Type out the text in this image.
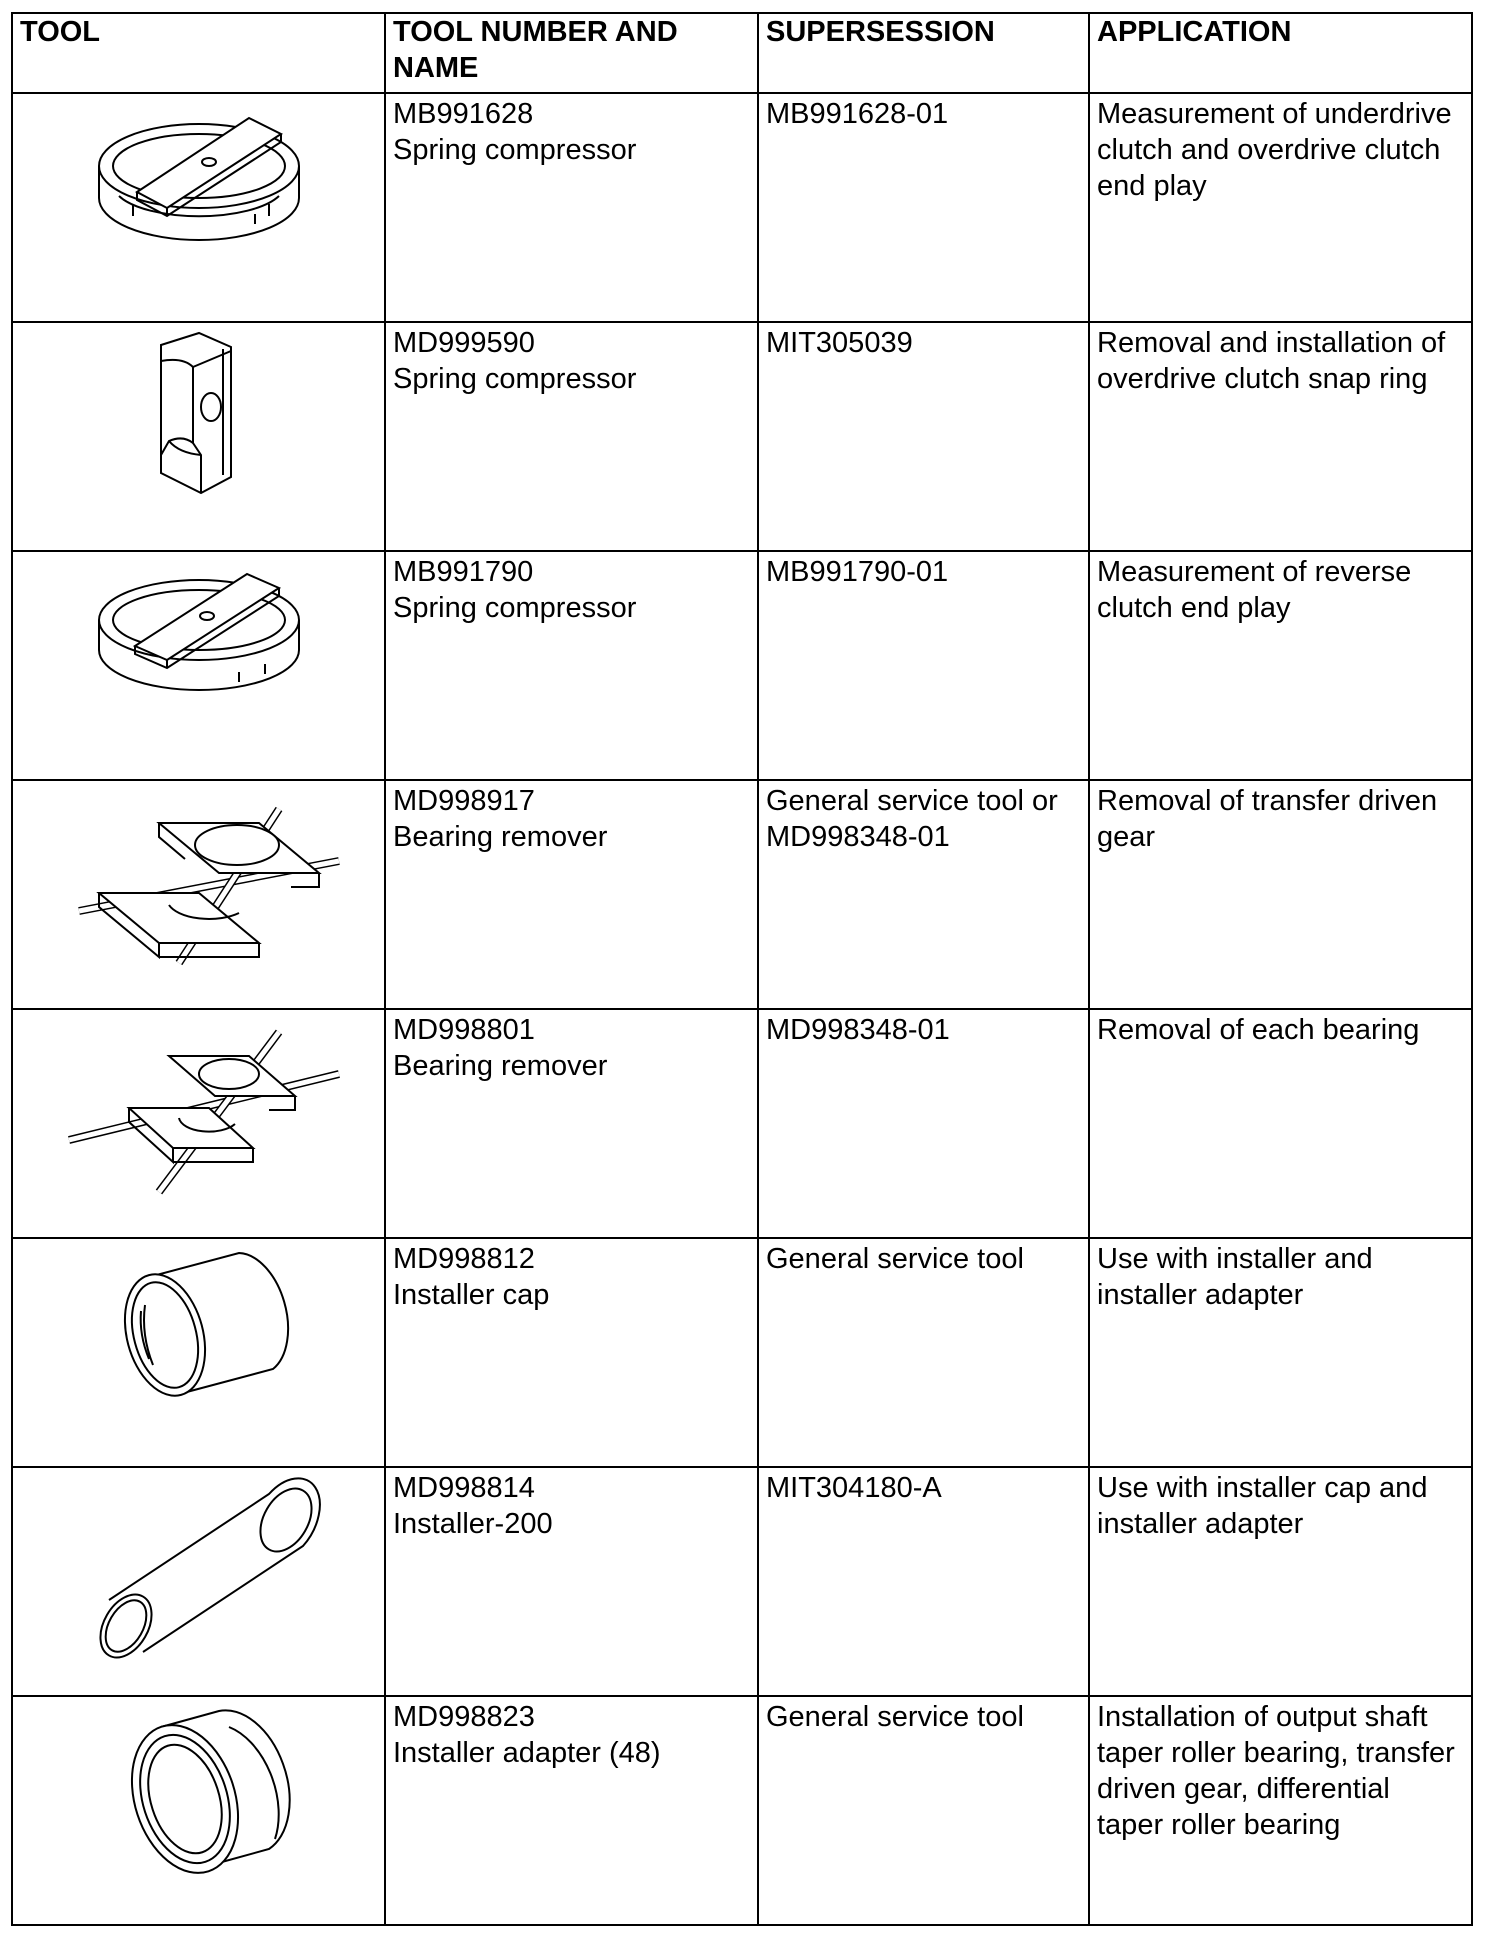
TOOL	TOOL NUMBER AND NAME	SUPERSESSION	APPLICATION

MB991628
Spring compressor	MB991628-01	Measurement of underdrive clutch and overdrive clutch end play

MD999590
Spring compressor	MIT305039	Removal and installation of overdrive clutch snap ring

MB991790
Spring compressor	MB991790-01	Measurement of reverse clutch end play

MD998917
Bearing remover	General service tool or MD998348-01	Removal of transfer driven gear

MD998801
Bearing remover	MD998348-01	Removal of each bearing

MD998812
Installer cap	General service tool	Use with installer and installer adapter

MD998814
Installer-200	MIT304180-A	Use with installer cap and installer adapter

MD998823
Installer adapter (48)	General service tool	Installation of output shaft taper roller bearing, transfer driven gear, differential taper roller bearing
